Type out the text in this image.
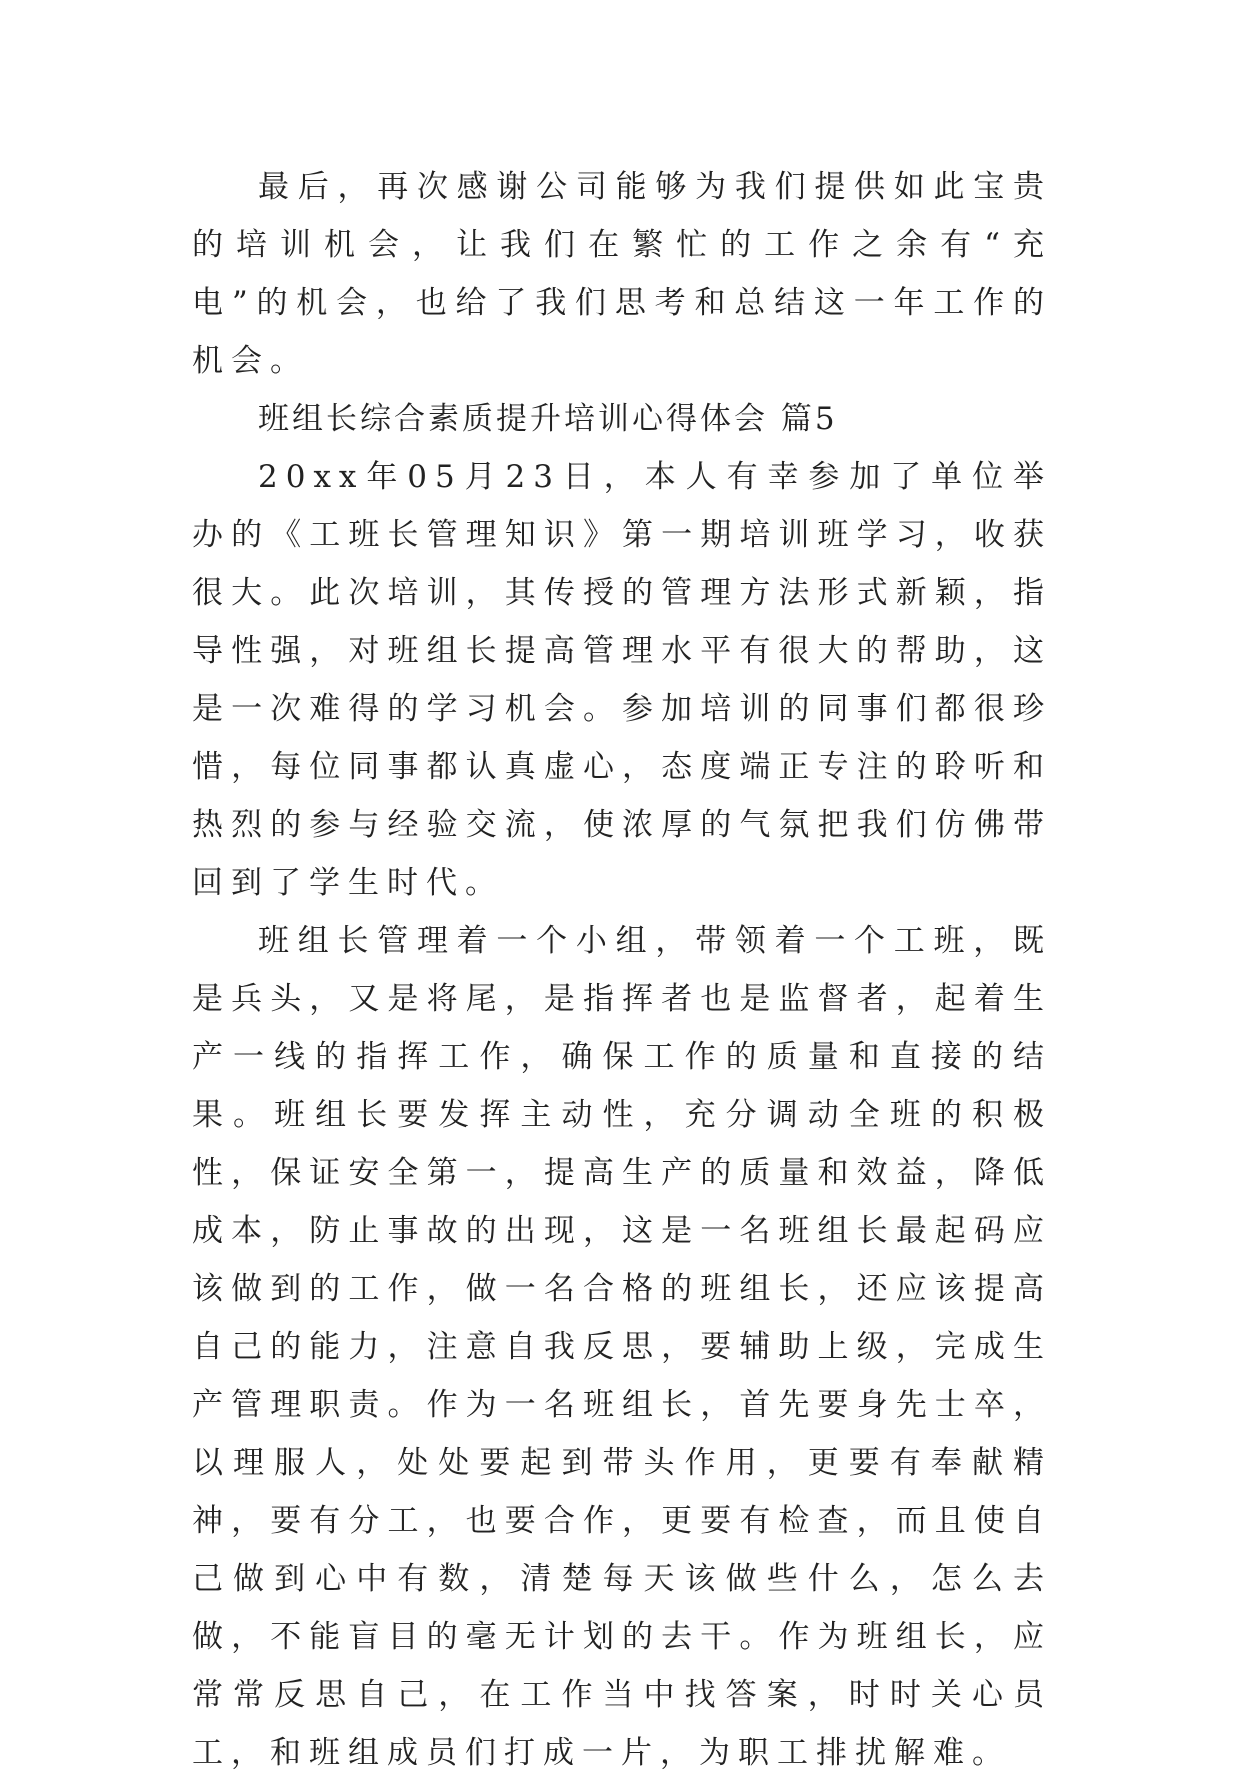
最后，再次感谢公司能够为我们提供如此宝贵的培训机会，让我们在繁忙的工作之余有“充电”的机会，也给了我们思考和总结这一年工作的机会。

班组长综合素质提升培训心得体会 篇5

20xx年05月23日，本人有幸参加了单位举办的《工班长管理知识》第一期培训班学习，收获很大。此次培训，其传授的管理方法形式新颖，指导性强，对班组长提高管理水平有很大的帮助，这是一次难得的学习机会。参加培训的同事们都很珍惜，每位同事都认真虚心，态度端正专注的聆听和热烈的参与经验交流，使浓厚的气氛把我们仿佛带回到了学生时代。

班组长管理着一个小组，带领着一个工班，既是兵头，又是将尾，是指挥者也是监督者，起着生产一线的指挥工作，确保工作的质量和直接的结果。班组长要发挥主动性，充分调动全班的积极性，保证安全第一，提高生产的质量和效益，降低成本，防止事故的出现，这是一名班组长最起码应该做到的工作，做一名合格的班组长，还应该提高自己的能力，注意自我反思，要辅助上级，完成生产管理职责。作为一名班组长，首先要身先士卒，以理服人，处处要起到带头作用，更要有奉献精神，要有分工，也要合作，更要有检查，而且使自己做到心中有数，清楚每天该做些什么，怎么去做，不能盲目的毫无计划的去干。作为班组长，应常常反思自己，在工作当中找答案，时时关心员工，和班组成员们打成一片，为职工排扰解难。
